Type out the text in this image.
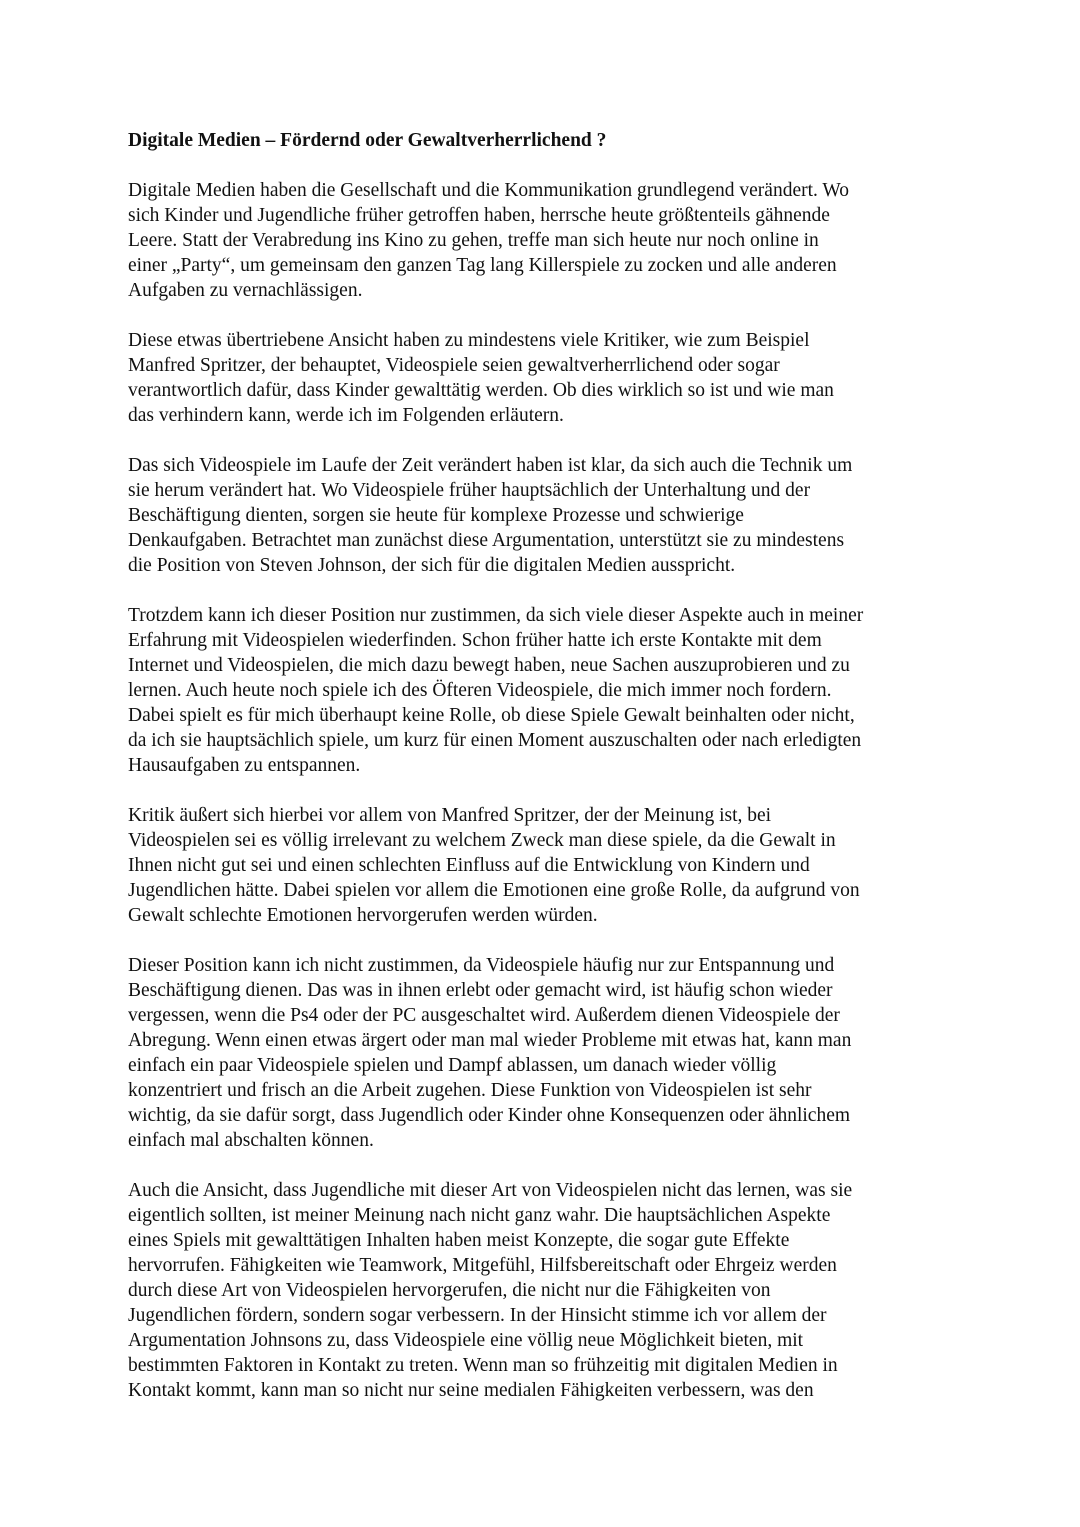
Digitale Medien – Fördernd oder Gewaltverherrlichend ?
Digitale Medien haben die Gesellschaft und die Kommunikation grundlegend verändert. Wo
sich Kinder und Jugendliche früher getroffen haben, herrsche heute größtenteils gähnende
Leere. Statt der Verabredung ins Kino zu gehen, treffe man sich heute nur noch online in
einer „Party“, um gemeinsam den ganzen Tag lang Killerspiele zu zocken und alle anderen
Aufgaben zu vernachlässigen.
Diese etwas übertriebene Ansicht haben zu mindestens viele Kritiker, wie zum Beispiel
Manfred Spritzer, der behauptet, Videospiele seien gewaltverherrlichend oder sogar
verantwortlich dafür, dass Kinder gewalttätig werden. Ob dies wirklich so ist und wie man
das verhindern kann, werde ich im Folgenden erläutern.
Das sich Videospiele im Laufe der Zeit verändert haben ist klar, da sich auch die Technik um
sie herum verändert hat. Wo Videospiele früher hauptsächlich der Unterhaltung und der
Beschäftigung dienten, sorgen sie heute für komplexe Prozesse und schwierige
Denkaufgaben. Betrachtet man zunächst diese Argumentation, unterstützt sie zu mindestens
die Position von Steven Johnson, der sich für die digitalen Medien ausspricht.
Trotzdem kann ich dieser Position nur zustimmen, da sich viele dieser Aspekte auch in meiner
Erfahrung mit Videospielen wiederfinden. Schon früher hatte ich erste Kontakte mit dem
Internet und Videospielen, die mich dazu bewegt haben, neue Sachen auszuprobieren und zu
lernen. Auch heute noch spiele ich des Öfteren Videospiele, die mich immer noch fordern.
Dabei spielt es für mich überhaupt keine Rolle, ob diese Spiele Gewalt beinhalten oder nicht,
da ich sie hauptsächlich spiele, um kurz für einen Moment auszuschalten oder nach erledigten
Hausaufgaben zu entspannen.
Kritik äußert sich hierbei vor allem von Manfred Spritzer, der der Meinung ist, bei
Videospielen sei es völlig irrelevant zu welchem Zweck man diese spiele, da die Gewalt in
Ihnen nicht gut sei und einen schlechten Einfluss auf die Entwicklung von Kindern und
Jugendlichen hätte. Dabei spielen vor allem die Emotionen eine große Rolle, da aufgrund von
Gewalt schlechte Emotionen hervorgerufen werden würden.
Dieser Position kann ich nicht zustimmen, da Videospiele häufig nur zur Entspannung und
Beschäftigung dienen. Das was in ihnen erlebt oder gemacht wird, ist häufig schon wieder
vergessen, wenn die Ps4 oder der PC ausgeschaltet wird. Außerdem dienen Videospiele der
Abregung. Wenn einen etwas ärgert oder man mal wieder Probleme mit etwas hat, kann man
einfach ein paar Videospiele spielen und Dampf ablassen, um danach wieder völlig
konzentriert und frisch an die Arbeit zugehen. Diese Funktion von Videospielen ist sehr
wichtig, da sie dafür sorgt, dass Jugendlich oder Kinder ohne Konsequenzen oder ähnlichem
einfach mal abschalten können.
Auch die Ansicht, dass Jugendliche mit dieser Art von Videospielen nicht das lernen, was sie
eigentlich sollten, ist meiner Meinung nach nicht ganz wahr. Die hauptsächlichen Aspekte
eines Spiels mit gewalttätigen Inhalten haben meist Konzepte, die sogar gute Effekte
hervorrufen. Fähigkeiten wie Teamwork, Mitgefühl, Hilfsbereitschaft oder Ehrgeiz werden
durch diese Art von Videospielen hervorgerufen, die nicht nur die Fähigkeiten von
Jugendlichen fördern, sondern sogar verbessern. In der Hinsicht stimme ich vor allem der
Argumentation Johnsons zu, dass Videospiele eine völlig neue Möglichkeit bieten, mit
bestimmten Faktoren in Kontakt zu treten. Wenn man so frühzeitig mit digitalen Medien in
Kontakt kommt, kann man so nicht nur seine medialen Fähigkeiten verbessern, was den
